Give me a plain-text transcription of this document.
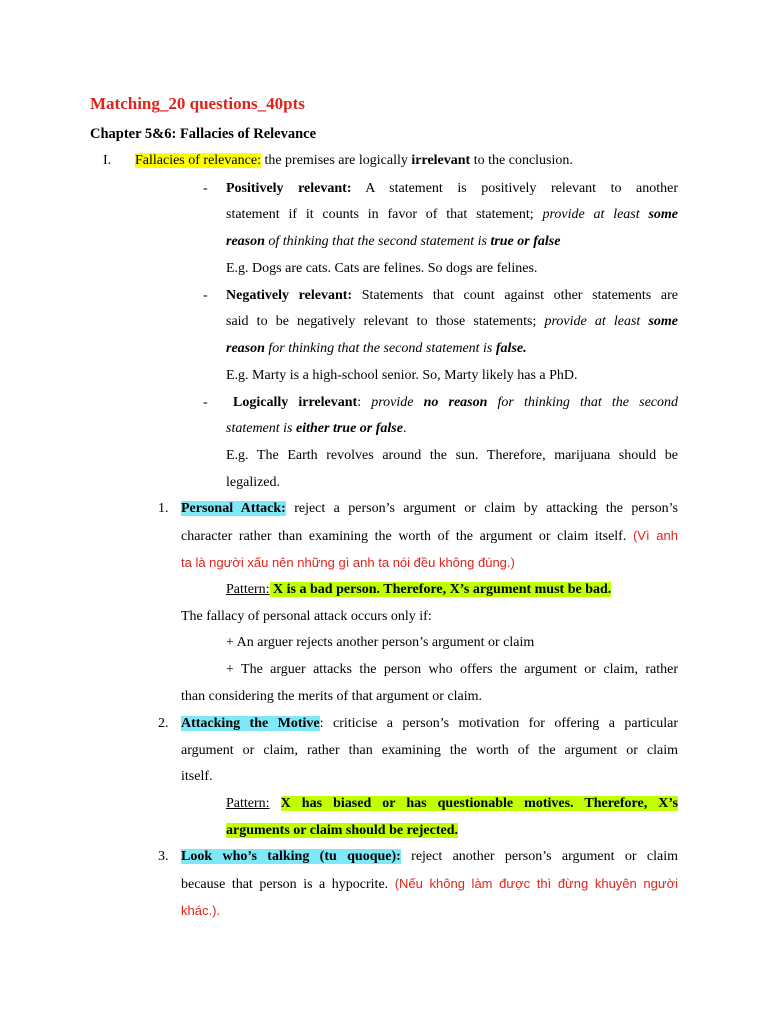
Matching_20 questions_40pts
Chapter 5&6: Fallacies of Relevance
I. Fallacies of relevance: the premises are logically irrelevant to the conclusion.
- Positively relevant: A statement is positively relevant to another
statement if it counts in favor of that statement; provide at least some
reason of thinking that the second statement is true or false
E.g. Dogs are cats. Cats are felines. So dogs are felines.
- Negatively relevant: Statements that count against other statements are
said to be negatively relevant to those statements; provide at least some
reason for thinking that the second statement is false.
E.g. Marty is a high-school senior. So, Marty likely has a PhD.
- Logically irrelevant: provide no reason for thinking that the second
statement is either true or false.
E.g. The Earth revolves around the sun. Therefore, marijuana should be
legalized.
1. Personal Attack: reject a person’s argument or claim by attacking the person’s
character rather than examining the worth of the argument or claim itself. (Vì anh
ta là người xấu nên những gì anh ta nói đều không đúng.)
Pattern: X is a bad person. Therefore, X’s argument must be bad.
The fallacy of personal attack occurs only if:
+ An arguer rejects another person’s argument or claim
+ The arguer attacks the person who offers the argument or claim, rather
than considering the merits of that argument or claim.
2. Attacking the Motive: criticise a person’s motivation for offering a particular
argument or claim, rather than examining the worth of the argument or claim
itself.
Pattern: X has biased or has questionable motives. Therefore, X’s
arguments or claim should be rejected.
3. Look who’s talking (tu quoque): reject another person’s argument or claim
because that person is a hypocrite. (Nếu không làm được thì đừng khuyên người
khác.).
